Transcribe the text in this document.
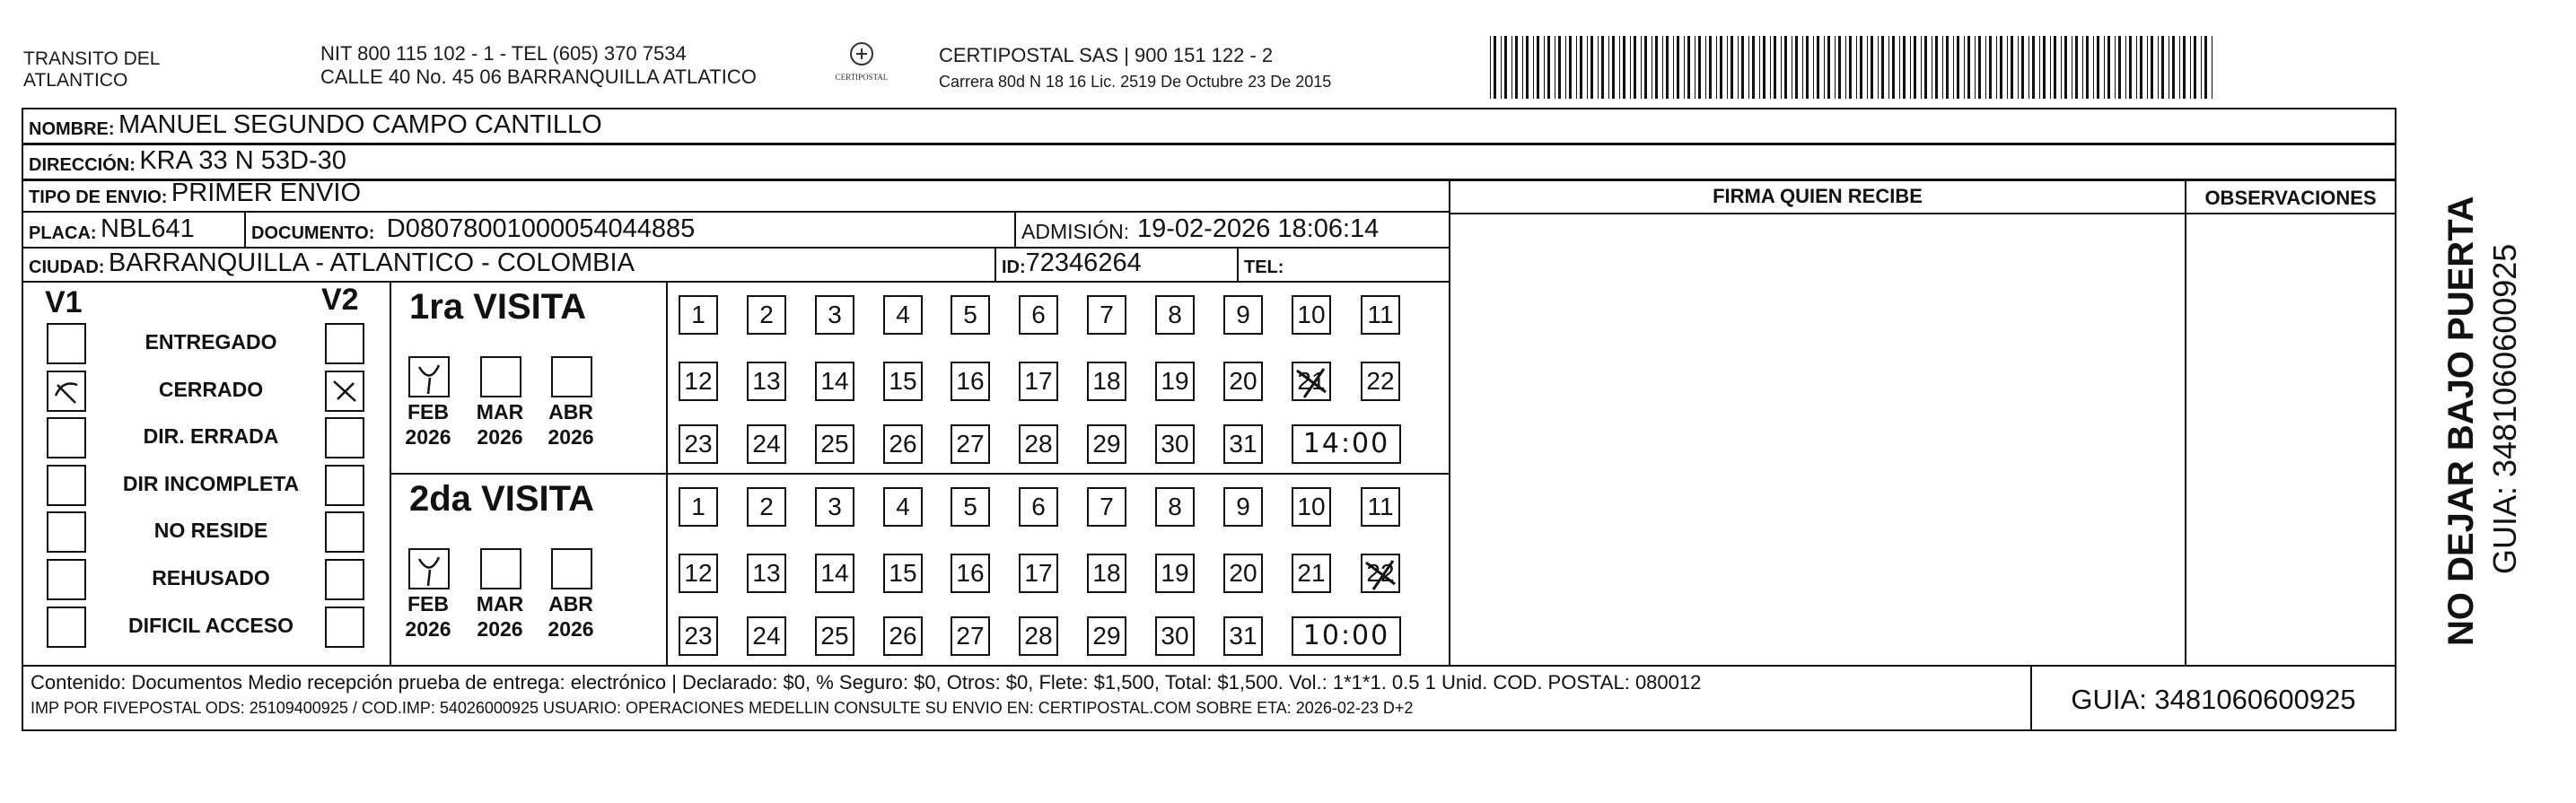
TRANSITO DEL
ATLANTICO
NIT 800 115 102 - 1 - TEL (605) 370 7534
CALLE 40 No. 45 06 BARRANQUILLA ATLATICO	CERTIPOSTAL
CERTIPOSTAL SAS | 900 151 122 - 2
Carrera 80d N 18 16 Lic. 2519 De Octubre 23 De 2015
NOMBRE:
MANUEL SEGUNDO CAMPO CANTILLO
DIRECCIÓN:
KRA 33 N 53D-30
TIPO DE ENVIO:
PRIMER ENVIO	FIRMA QUIEN RECIBE	OBSERVACIONES
PLACA:
NBL641	DOCUMENTO:
D08078001000054044885	ADMISIÓN:
19-02-2026 18:06:14
CIUDAD:
BARRANQUILLA - ATLANTICO - COLOMBIA	ID: 72346264	TEL:
V1	V2
ENTREGADO
CERRADO
DIR. ERRADA
DIR INCOMPLETA
NO RESIDE
REHUSADO
DIFICIL ACCESO
1ra VISITA
2da VISITA
FEB
2026
MAR
2026
ABR
2026
1	2	3	4	5	6	7	8	9	10 11
12 13 14 15 16 17 18 19 20 21 22
23 24 25 26 27 28 29 30 31	14:00
FEB
2026
MAR
2026
ABR
2026
1	2	3	4	5	6	7	8	9	10 11
12 13 14 15 16 17 18 19 20 21 22
23 24 25 26 27 28 29 30 31	10:00
Contenido: Documentos Medio recepción prueba de entrega: electrónico | Declarado: $0, % Seguro: $0, Otros: $0, Flete: $1,500, Total: $1,500. Vol.: 1*1*1. 0.5 1 Unid. COD. POSTAL: 080012
IMP POR FIVEPOSTAL ODS: 25109400925 / COD.IMP: 54026000925 USUARIO: OPERACIONES MEDELLIN CONSULTE SU ENVIO EN: CERTIPOSTAL.COM SOBRE ETA: 2026-02-23 D+2	GUIA: 3481060600925
NO DEJAR BAJO PUERTA GUIA: 3481060600925
